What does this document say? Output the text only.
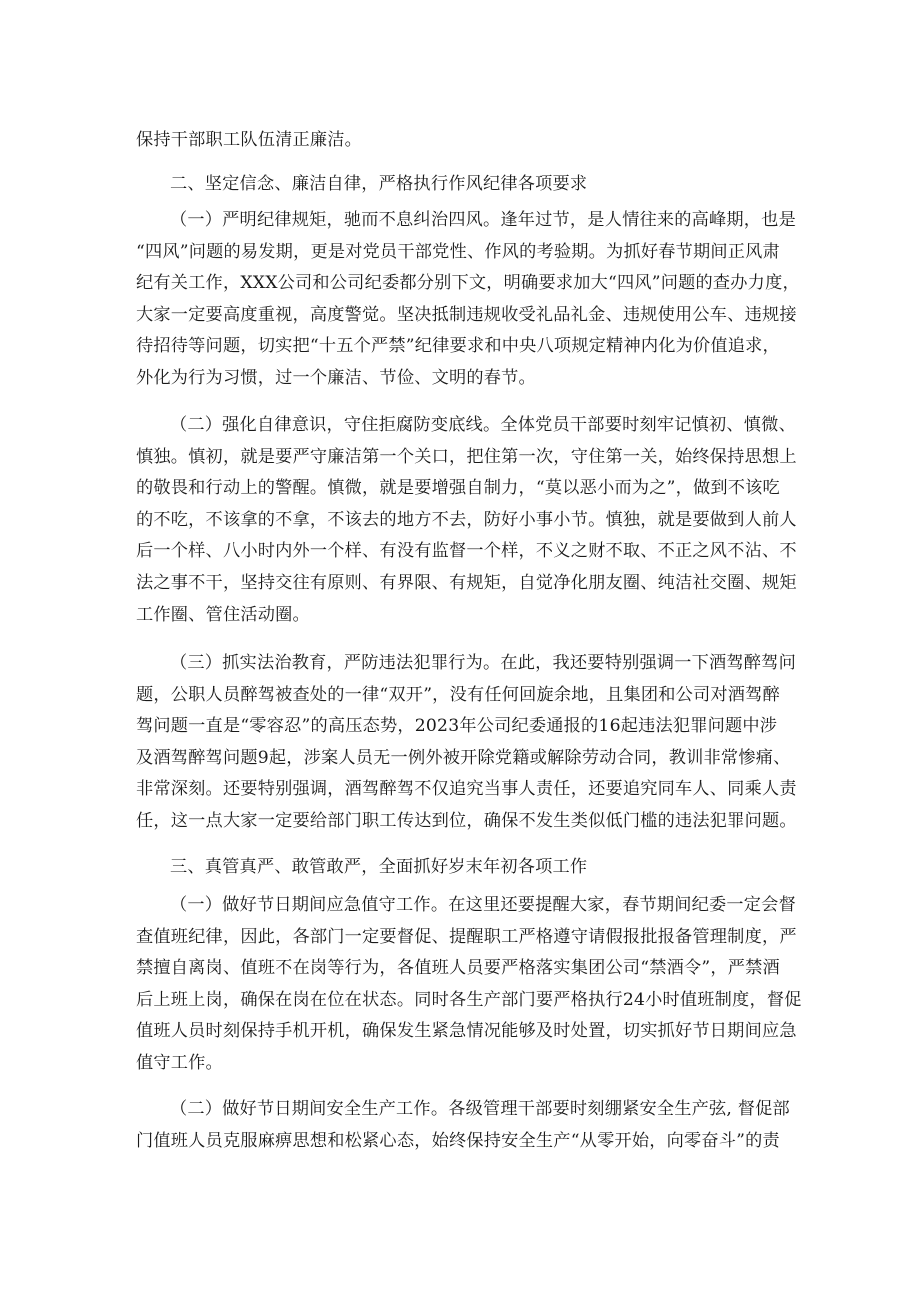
保持干部职工队伍清正廉洁。
二、坚定信念、廉洁自律，严格执行作风纪律各项要求
（一）严明纪律规矩，驰而不息纠治四风。逢年过节，是人情往来的高峰期，也是
“四风”问题的易发期，更是对党员干部党性、作风的考验期。为抓好春节期间正风肃
纪有关工作，XXX公司和公司纪委都分别下文，明确要求加大“四风”问题的查办力度，
大家一定要高度重视，高度警觉。坚决抵制违规收受礼品礼金、违规使用公车、违规接
待招待等问题，切实把“十五个严禁”纪律要求和中央八项规定精神内化为价值追求，
外化为行为习惯，过一个廉洁、节俭、文明的春节。
（二）强化自律意识，守住拒腐防变底线。全体党员干部要时刻牢记慎初、慎微、
慎独。慎初，就是要严守廉洁第一个关口，把住第一次，守住第一关，始终保持思想上
的敬畏和行动上的警醒。慎微，就是要增强自制力，“莫以恶小而为之”，做到不该吃
的不吃，不该拿的不拿，不该去的地方不去，防好小事小节。慎独，就是要做到人前人
后一个样、八小时内外一个样、有没有监督一个样，不义之财不取、不正之风不沾、不
法之事不干，坚持交往有原则、有界限、有规矩，自觉净化朋友圈、纯洁社交圈、规矩
工作圈、管住活动圈。
（三）抓实法治教育，严防违法犯罪行为。在此，我还要特别强调一下酒驾醉驾问
题，公职人员醉驾被查处的一律“双开”，没有任何回旋余地，且集团和公司对酒驾醉
驾问题一直是“零容忍”的高压态势，2023年公司纪委通报的16起违法犯罪问题中涉
及酒驾醉驾问题9起，涉案人员无一例外被开除党籍或解除劳动合同，教训非常惨痛、
非常深刻。还要特别强调，酒驾醉驾不仅追究当事人责任，还要追究同车人、同乘人责
任，这一点大家一定要给部门职工传达到位，确保不发生类似低门槛的违法犯罪问题。
三、真管真严、敢管敢严，全面抓好岁末年初各项工作
（一）做好节日期间应急值守工作。在这里还要提醒大家，春节期间纪委一定会督
查值班纪律，因此，各部门一定要督促、提醒职工严格遵守请假报批报备管理制度，严
禁擅自离岗、值班不在岗等行为，各值班人员要严格落实集团公司“禁酒令”，严禁酒
后上班上岗，确保在岗在位在状态。同时各生产部门要严格执行24小时值班制度，督促
值班人员时刻保持手机开机，确保发生紧急情况能够及时处置，切实抓好节日期间应急
值守工作。
（二）做好节日期间安全生产工作。各级管理干部要时刻绷紧安全生产弦, 督促部
门值班人员克服麻痹思想和松紧心态，始终保持安全生产“从零开始，向零奋斗”的责
